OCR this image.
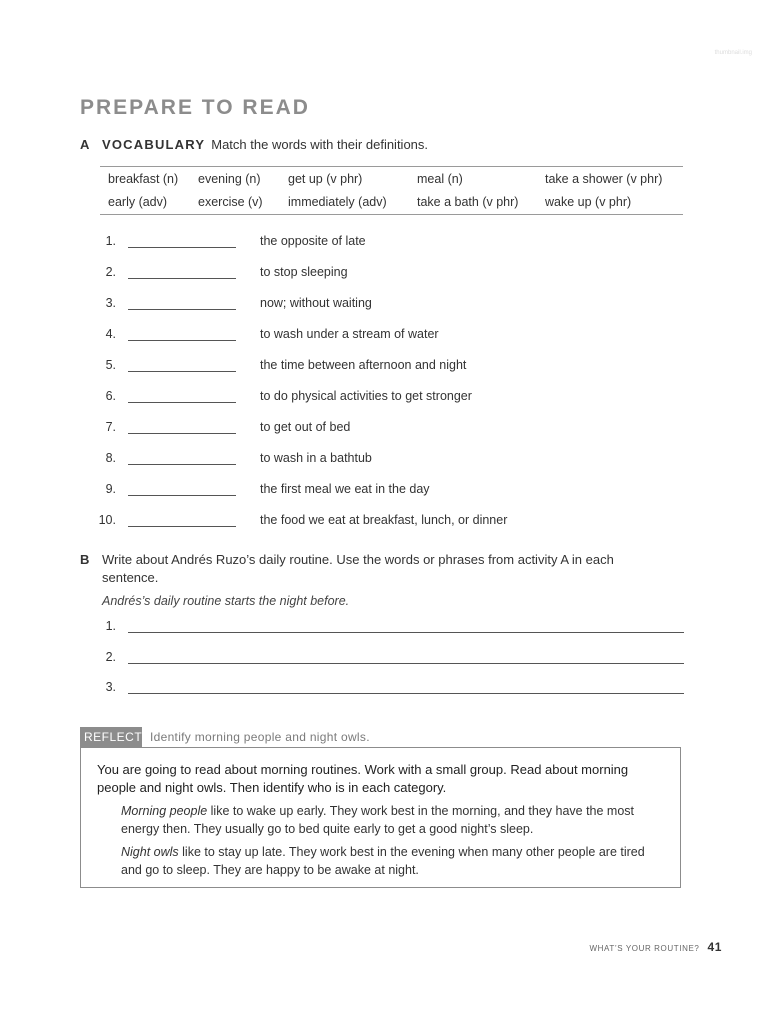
thumbnail.img
PREPARE TO READ
A VOCABULARY Match the words with their definitions.
breakfast (n) evening (n) get up (v phr)	meal (n)	take a shower (v phr)
early (adv) exercise (v) immediately (adv) take a bath (v phr) wake up (v phr)
1.	the opposite of late
2.	to stop sleeping
3.	now; without waiting
4.	to wash under a stream of water
5.	the time between afternoon and night
6.	to do physical activities to get stronger
7.	to get out of bed
8.	to wash in a bathtub
9.	the first meal we eat in the day
10.	the food we eat at breakfast, lunch, or dinner
B Write about Andrés Ruzo’s daily routine. Use the words or phrases from activity A in each sentence.
Andrés’s daily routine starts the night before.
1.
2.
3.
REFLECT Identify morning people and night owls.
You are going to read about morning routines. Work with a small group. Read about morning people and night owls. Then identify who is in each category.
Morning people like to wake up early. They work best in the morning, and they have the most energy then. They usually go to bed quite early to get a good night’s sleep.
Night owls like to stay up late. They work best in the evening when many other people are tired and go to sleep. They are happy to be awake at night.
WHAT’S YOUR ROUTINE? 41
